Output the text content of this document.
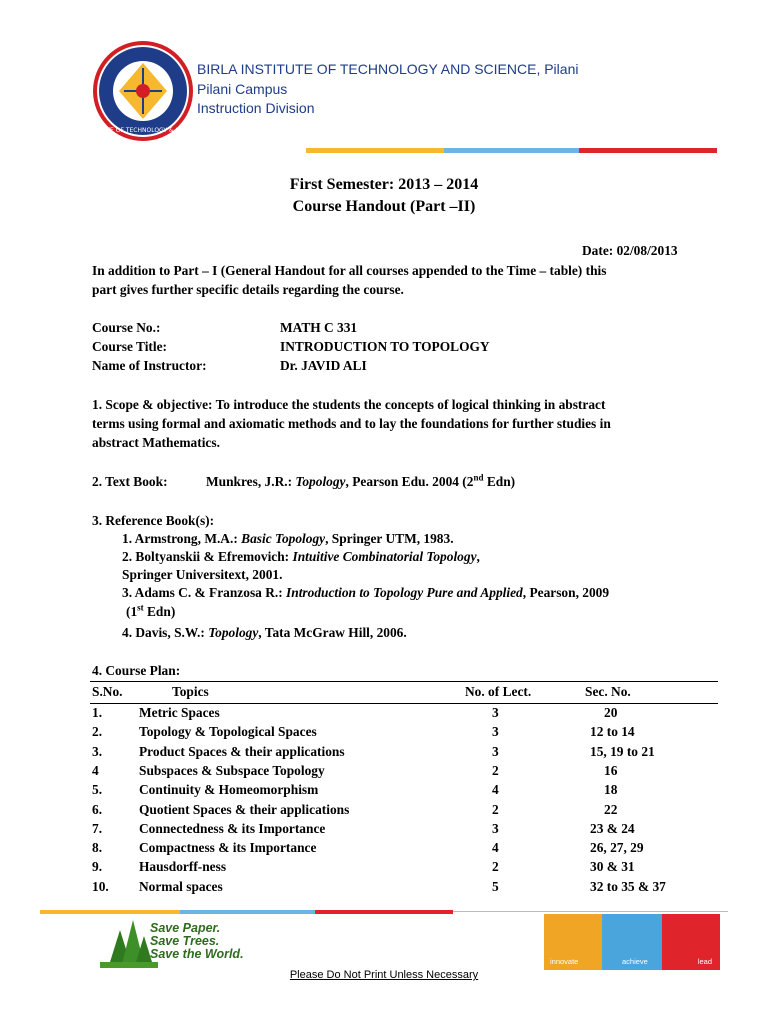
BIRLA INSTITUTE OF TECHNOLOGY & SCIENCE PILANI
BIRLA INSTITUTE OF TECHNOLOGY AND SCIENCE, Pilani
Pilani Campus
Instruction Division
First Semester: 2013 – 2014
Course Handout (Part –II)
Date: 02/08/2013
In addition to Part – I (General Handout for all courses appended to the Time – table) this
part gives further specific details regarding the course.
Course No.:	MATH C 331
Course Title:	INTRODUCTION TO TOPOLOGY
Name of Instructor:	Dr. JAVID ALI
1. Scope & objective: To introduce the students the concepts of logical thinking in abstract
terms using formal and axiomatic methods and to lay the foundations for further studies in
abstract Mathematics.
2. Text Book:	Munkres, J.R.: Topology, Pearson Edu. 2004 (2nd Edn)
3. Reference Book(s):
1. Armstrong, M.A.: Basic Topology, Springer UTM, 1983.
2. Boltyanskii & Efremovich: Intuitive Combinatorial Topology,
Springer Universitext, 2001.
3. Adams C. & Franzosa R.: Introduction to Topology Pure and Applied, Pearson, 2009
(1st Edn)
4. Davis, S.W.: Topology, Tata McGraw Hill, 2006.
4. Course Plan:
S.No.	Topics	No. of Lect.	Sec. No.
1.	Metric Spaces	3	20
2.	Topology & Topological Spaces	3	12 to 14
3.	Product Spaces & their applications	3	15, 19 to 21
4	Subspaces & Subspace Topology	2	16
5.	Continuity & Homeomorphism	4	18
6.	Quotient Spaces & their applications	2	22
7.	Connectedness & its Importance	3	23 & 24
8.	Compactness & its Importance	4	26, 27, 29
9.	Hausdorff-ness	2	30 & 31
10. Normal spaces	5	32 to 35 & 37
Save Paper.
Save Trees.
Save the World.
innovate	achieve	lead
Please Do Not Print Unless Necessary
